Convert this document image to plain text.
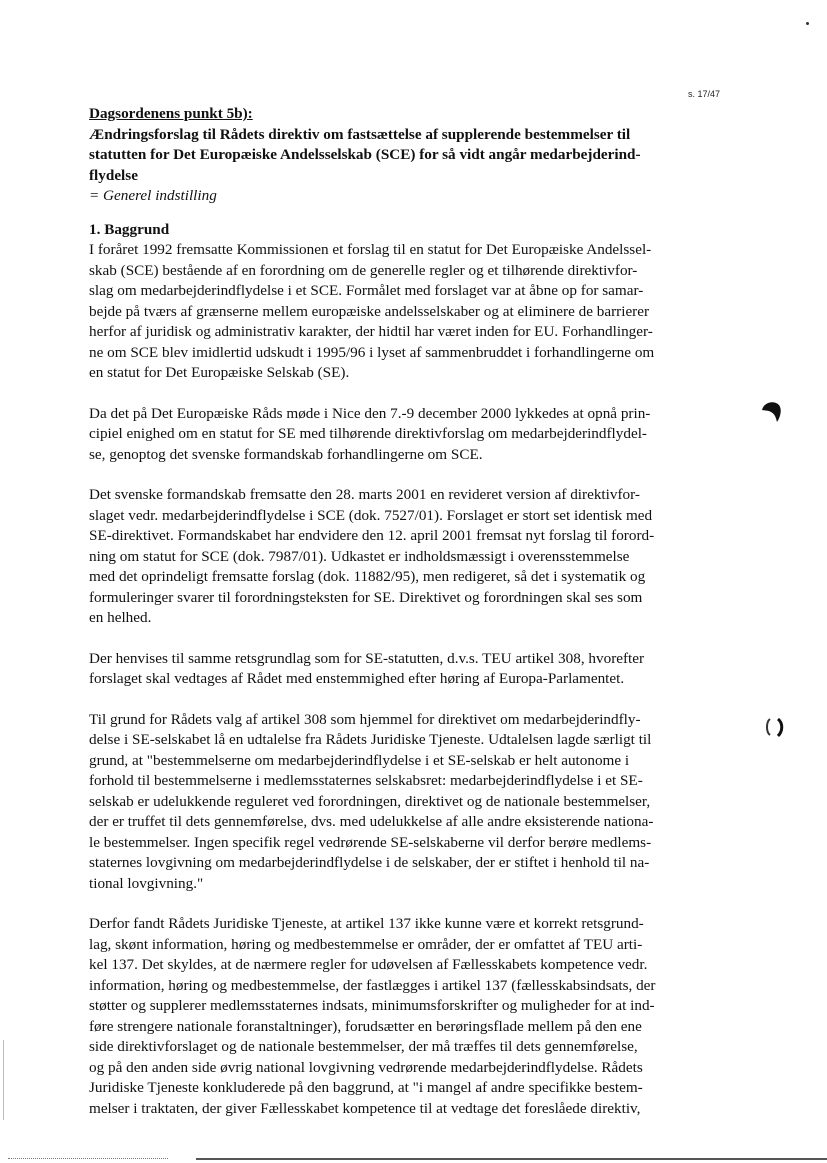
s. 17/47

Dagsordenens punkt 5b):

Ændringsforslag til Rådets direktiv om fastsættelse af supplerende bestemmelser til
statutten for Det Europæiske Andelsselskab (SCE) for så vidt angår medarbejderind-
flydelse

= Generel indstilling

1. Baggrund

I foråret 1992 fremsatte Kommissionen et forslag til en statut for Det Europæiske Andelssel-
skab (SCE) bestående af en forordning om de generelle regler og et tilhørende direktivfor-
slag om medarbejderindflydelse i et SCE. Formålet med forslaget var at åbne op for samar-
bejde på tværs af grænserne mellem europæiske andelsselskaber og at eliminere de barrierer
herfor af juridisk og administrativ karakter, der hidtil har været inden for EU. Forhandlinger-
ne om SCE blev imidlertid udskudt i 1995/96 i lyset af sammenbruddet i forhandlingerne om
en statut for Det Europæiske Selskab (SE).

Da det på Det Europæiske Råds møde i Nice den 7.-9 december 2000 lykkedes at opnå prin-
cipiel enighed om en statut for SE med tilhørende direktivforslag om medarbejderindflydel-
se, genoptog det svenske formandskab forhandlingerne om SCE.

Det svenske formandskab fremsatte den 28. marts 2001 en revideret version af direktivfor-
slaget vedr. medarbejderindflydelse i SCE (dok. 7527/01). Forslaget er stort set identisk med
SE-direktivet. Formandskabet har endvidere den 12. april 2001 fremsat nyt forslag til forord-
ning om statut for SCE (dok. 7987/01). Udkastet er indholdsmæssigt i overensstemmelse
med det oprindeligt fremsatte forslag (dok. 11882/95), men redigeret, så det i systematik og
formuleringer svarer til forordningsteksten for SE. Direktivet og forordningen skal ses som
en helhed.

Der henvises til samme retsgrundlag som for SE-statutten, d.v.s. TEU artikel 308, hvorefter
forslaget skal vedtages af Rådet med enstemmighed efter høring af Europa-Parlamentet.

Til grund for Rådets valg af artikel 308 som hjemmel for direktivet om medarbejderindfly-
delse i SE-selskabet lå en udtalelse fra Rådets Juridiske Tjeneste. Udtalelsen lagde særligt til
grund, at "bestemmelserne om medarbejderindflydelse i et SE-selskab er helt autonome i
forhold til bestemmelserne i medlemsstaternes selskabsret: medarbejderindflydelse i et SE-
selskab er udelukkende reguleret ved forordningen, direktivet og de nationale bestemmelser,
der er truffet til dets gennemførelse, dvs. med udelukkelse af alle andre eksisterende nationa-
le bestemmelser. Ingen specifik regel vedrørende SE-selskaberne vil derfor berøre medlems-
staternes lovgivning om medarbejderindflydelse i de selskaber, der er stiftet i henhold til na-
tional lovgivning."

Derfor fandt Rådets Juridiske Tjeneste, at artikel 137 ikke kunne være et korrekt retsgrund-
lag, skønt information, høring og medbestemmelse er områder, der er omfattet af TEU arti-
kel 137. Det skyldes, at de nærmere regler for udøvelsen af Fællesskabets kompetence vedr.
information, høring og medbestemmelse, der fastlægges i artikel 137 (fællesskabsindsats, der
støtter og supplerer medlemsstaternes indsats, minimumsforskrifter og muligheder for at ind-
føre strengere nationale foranstaltninger), forudsætter en berøringsflade mellem på den ene
side direktivforslaget og de nationale bestemmelser, der må træffes til dets gennemførelse,
og på den anden side øvrig national lovgivning vedrørende medarbejderindflydelse. Rådets
Juridiske Tjeneste konkluderede på den baggrund, at "i mangel af andre specifikke bestem-
melser i traktaten, der giver Fællesskabet kompetence til at vedtage det foreslåede direktiv,
